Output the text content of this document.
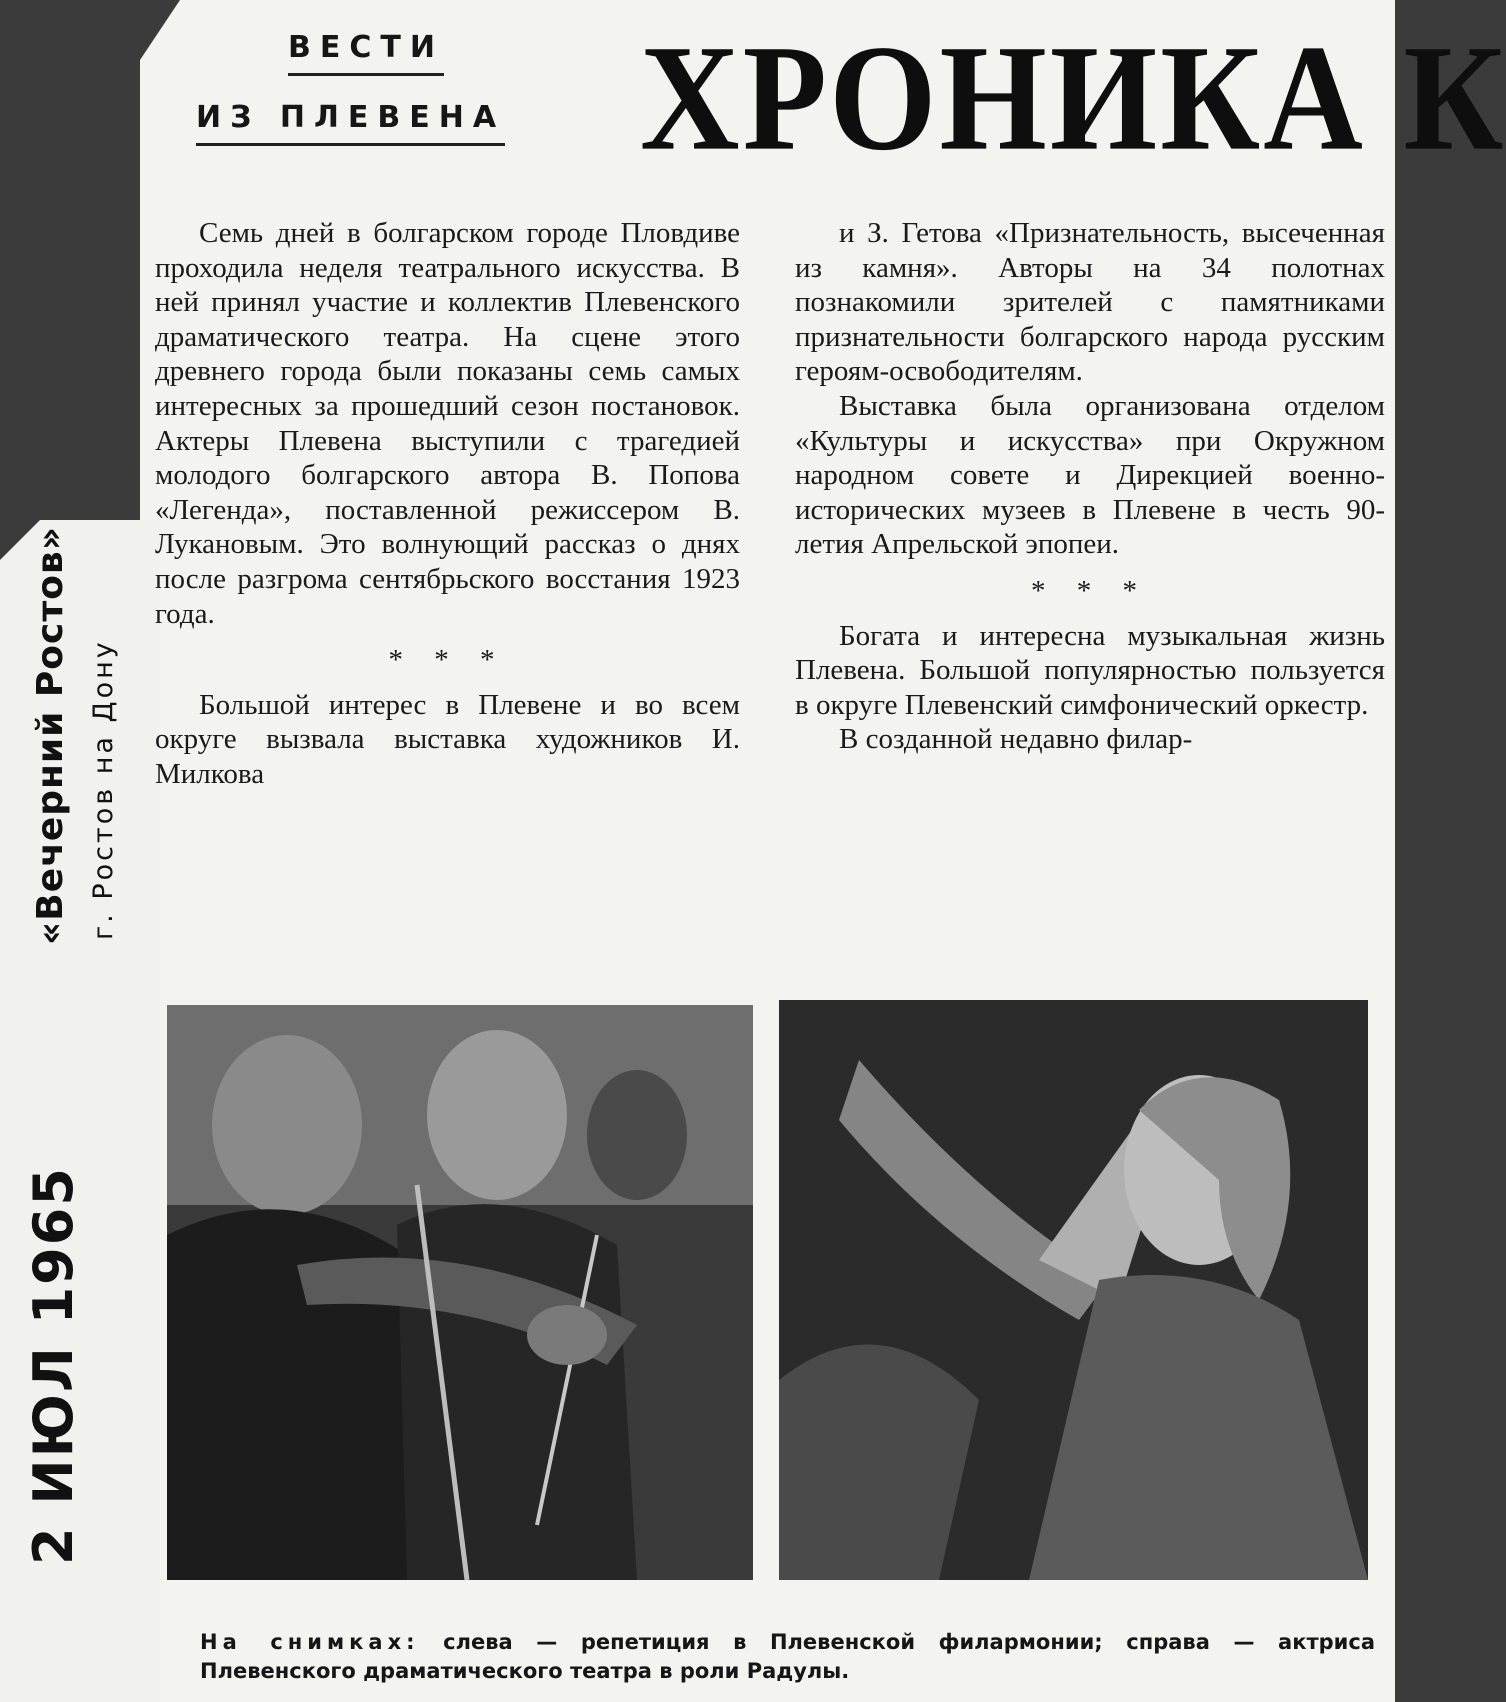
ВЕСТИ
ИЗ ПЛЕВЕНА ХРОНИКА К

Семь дней в болгарском городе Пловдиве проходила неделя театрального искусства. В ней принял участие и коллектив Плевенского драматического театра. На сцене этого древнего города были показаны семь самых интересных за прошедший сезон постановок. Актеры Плевена выступили с трагедией молодого болгарского автора В. Попова «Легенда», поставленной режиссером В. Лукановым. Это волнующий рассказ о днях после разгрома сентябрьского восстания 1923 года.

* * *

Большой интерес в Плевене и во всем округе вызвала выставка художников И. Милкова

и З. Гетова «Признательность, высеченная из камня». Авторы на 34 полотнах познакомили зрителей с памятниками признательности болгарского народа русским героям-освободителям.

Выставка была организована отделом «Культуры и искусства» при Окружном народном совете и Дирекцией военно-исторических музеев в Плевене в честь 90-летия Апрельской эпопеи.

* * *

Богата и интересна музыкальная жизнь Плевена. Большой популярностью пользуется в округе Плевенский симфонический оркестр.

В созданной недавно филар-

«Вечерний Ростов» г. Ростов на Дону
2 ИЮЛ 1965
На снимках: слева — репетиция в Плевенской филармонии; справа — актриса Плевенского драматического театра в роли Радулы.
